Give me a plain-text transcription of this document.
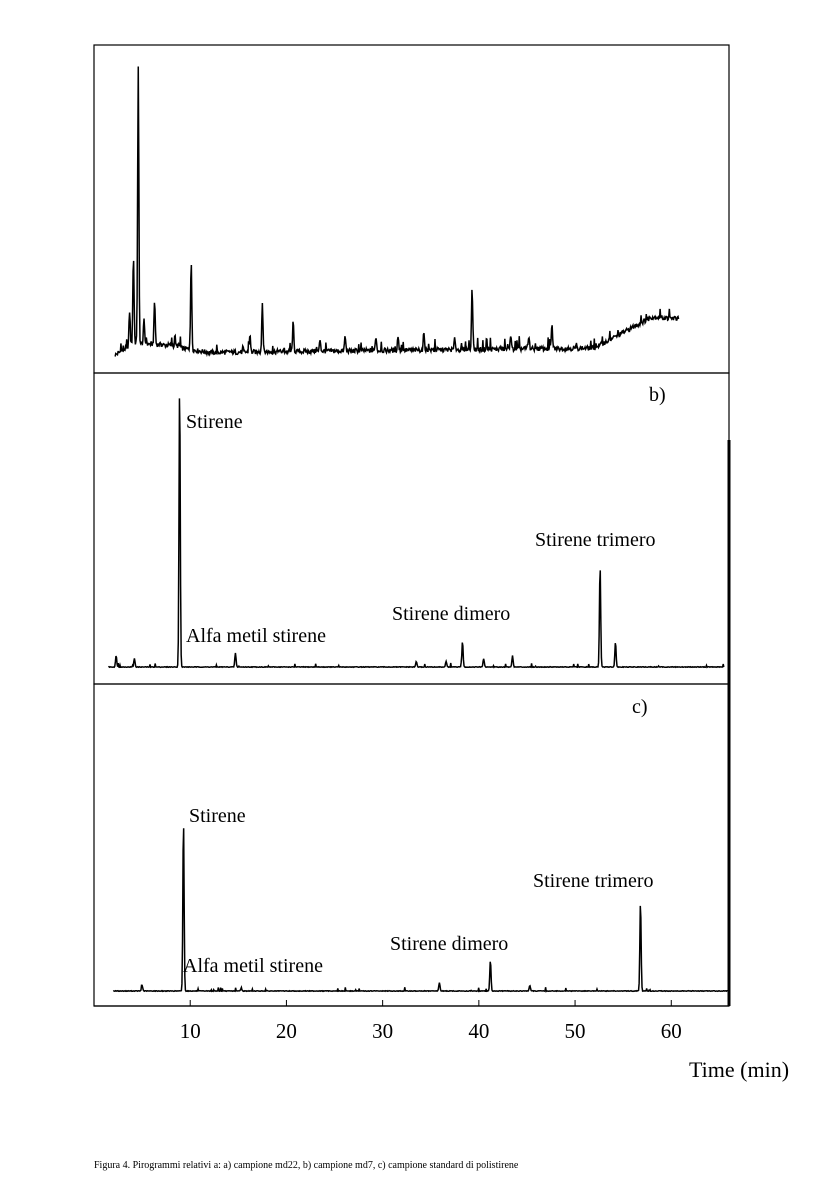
Stirene
Alfa metil stirene
Stirene dimero
Stirene trimero
Stirene
Alfa metil stirene
Stirene dimero
Stirene trimero
b)
c)
10	20	30	40	50	60
Time (min)
Figura 4. Pirogrammi relativi a: a) campione md22, b) campione md7, c) campione standard di polistirene
